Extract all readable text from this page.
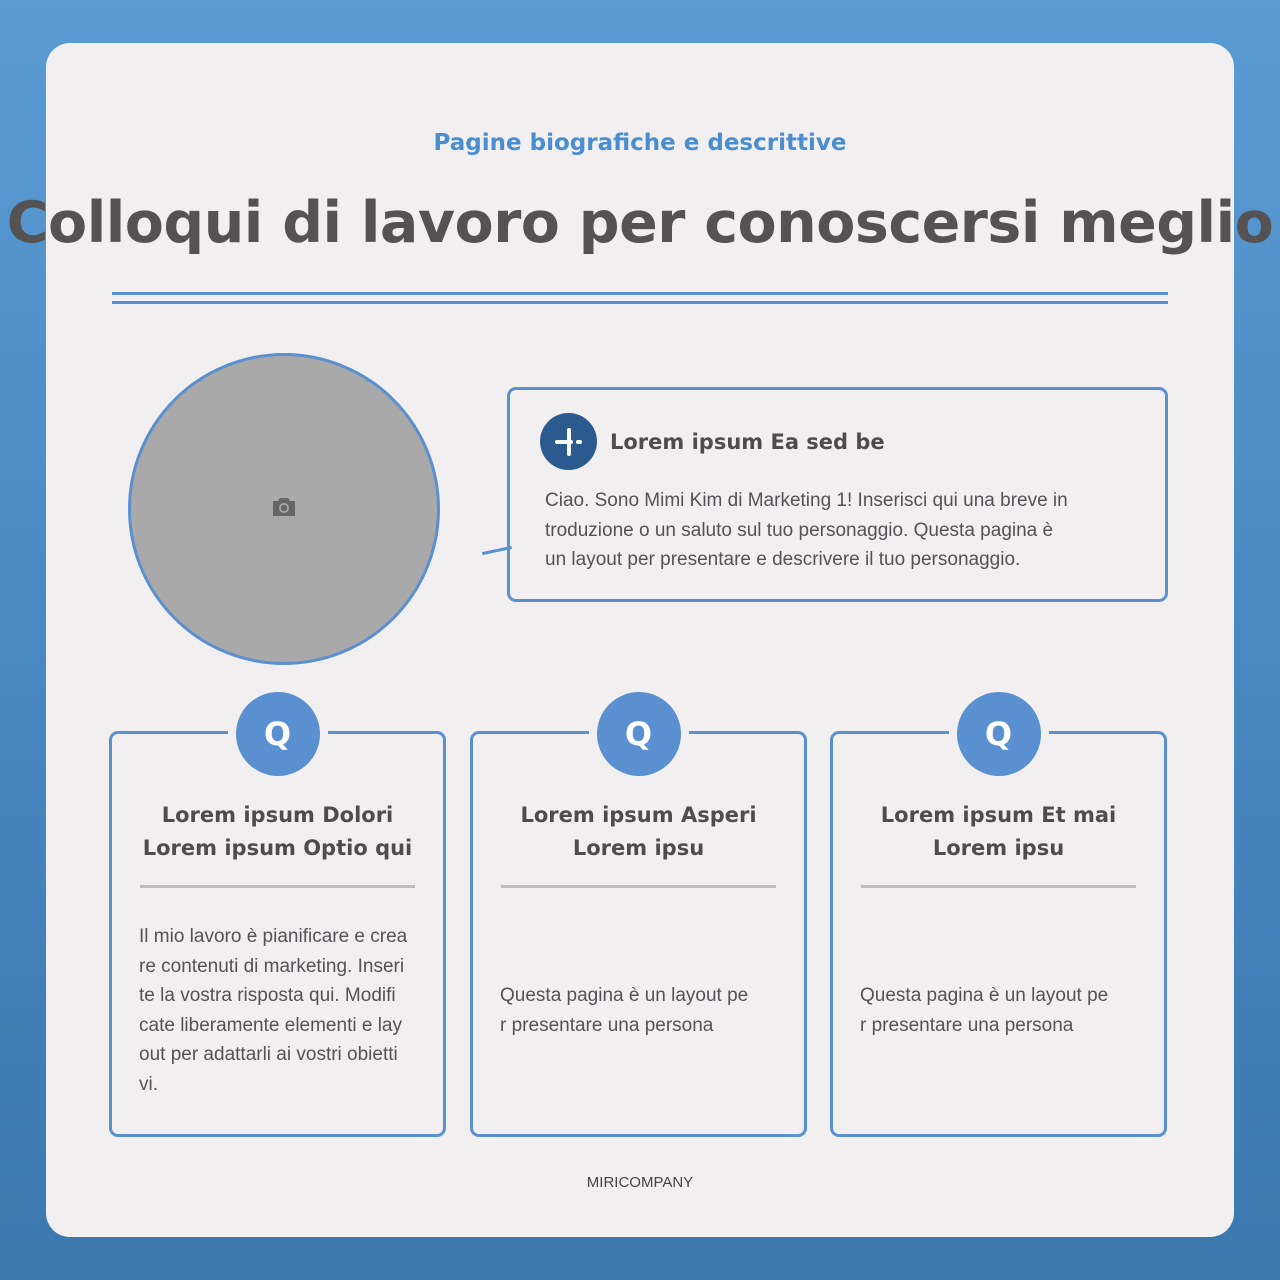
Pagine biografiche e descrittive
Colloqui di lavoro per conoscersi meglio
Lorem ipsum Ea sed be
Ciao. Sono Mimi Kim di Marketing 1! Inserisci qui una breve in
troduzione o un saluto sul tuo personaggio. Questa pagina è
un layout per presentare e descrivere il tuo personaggio.
Q
Lorem ipsum Dolori
Lorem ipsum Optio qui
Il mio lavoro è pianificare e crea
re contenuti di marketing. Inseri
te la vostra risposta qui. Modifi
cate liberamente elementi e lay
out per adattarli ai vostri obietti
vi.
Q
Lorem ipsum Asperi
Lorem ipsu
Questa pagina è un layout pe
r presentare una persona
Q
Lorem ipsum Et mai
Lorem ipsu
Questa pagina è un layout pe
r presentare una persona
MIRICOMPANY
